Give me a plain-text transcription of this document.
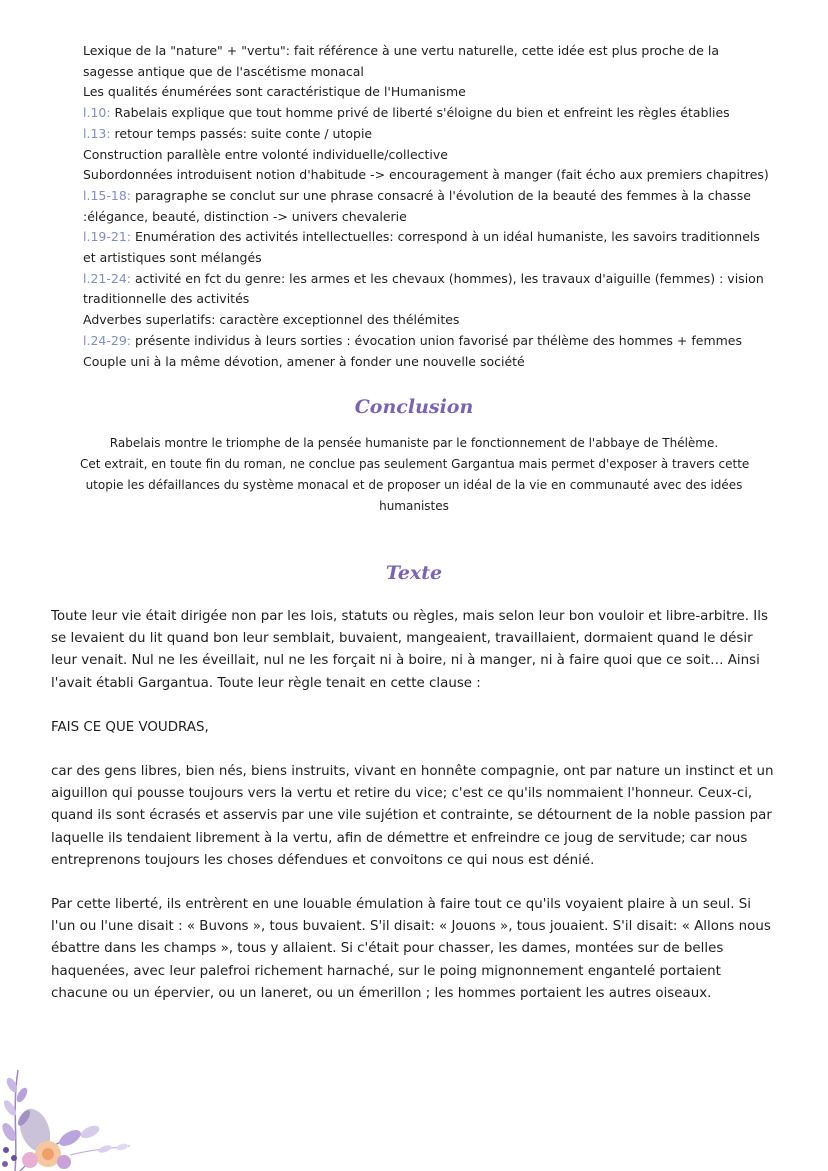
Lexique de la "nature" + "vertu": fait référence à une vertu naturelle, cette idée est plus proche de la
sagesse antique que de l'ascétisme monacal
Les qualités énumérées sont caractéristique de l'Humanisme
l.10: Rabelais explique que tout homme privé de liberté s'éloigne du bien et enfreint les règles établies
l.13: retour temps passés: suite conte / utopie
Construction parallèle entre volonté individuelle/collective
Subordonnées introduisent notion d'habitude -> encouragement à manger (fait écho aux premiers chapitres)
l.15-18: paragraphe se conclut sur une phrase consacré à l'évolution de la beauté des femmes à la chasse
:élégance, beauté, distinction -> univers chevalerie
l.19-21: Enumération des activités intellectuelles: correspond à un idéal humaniste, les savoirs traditionnels
et artistiques sont mélangés
l.21-24: activité en fct du genre: les armes et les chevaux (hommes), les travaux d'aiguille (femmes) : vision
traditionnelle des activités
Adverbes superlatifs: caractère exceptionnel des thélémites
l.24-29: présente individus à leurs sorties : évocation union favorisé par thélème des hommes + femmes
Couple uni à la même dévotion, amener à fonder une nouvelle société
Conclusion
Rabelais montre le triomphe de la pensée humaniste par le fonctionnement de l'abbaye de Thélème.
Cet extrait, en toute fin du roman, ne conclue pas seulement Gargantua mais permet d'exposer à travers cette
utopie les défaillances du système monacal et de proposer un idéal de la vie en communauté avec des idées
humanistes
Texte
Toute leur vie était dirigée non par les lois, statuts ou règles, mais selon leur bon vouloir et libre-arbitre. Ils
se levaient du lit quand bon leur semblait, buvaient, mangeaient, travaillaient, dormaient quand le désir
leur venait. Nul ne les éveillait, nul ne les forçait ni à boire, ni à manger, ni à faire quoi que ce soit… Ainsi
l'avait établi Gargantua. Toute leur règle tenait en cette clause :
FAIS CE QUE VOUDRAS,
car des gens libres, bien nés, biens instruits, vivant en honnête compagnie, ont par nature un instinct et un
aiguillon qui pousse toujours vers la vertu et retire du vice; c'est ce qu'ils nommaient l'honneur. Ceux-ci,
quand ils sont écrasés et asservis par une vile sujétion et contrainte, se détournent de la noble passion par
laquelle ils tendaient librement à la vertu, afin de démettre et enfreindre ce joug de servitude; car nous
entreprenons toujours les choses défendues et convoitons ce qui nous est dénié.
Par cette liberté, ils entrèrent en une louable émulation à faire tout ce qu'ils voyaient plaire à un seul. Si
l'un ou l'une disait : « Buvons », tous buvaient. S'il disait: « Jouons », tous jouaient. S'il disait: « Allons nous
ébattre dans les champs », tous y allaient. Si c'était pour chasser, les dames, montées sur de belles
haquenées, avec leur palefroi richement harnaché, sur le poing mignonnement enganteIé portaient
chacune ou un épervier, ou un laneret, ou un émerillon ; les hommes portaient les autres oiseaux.
